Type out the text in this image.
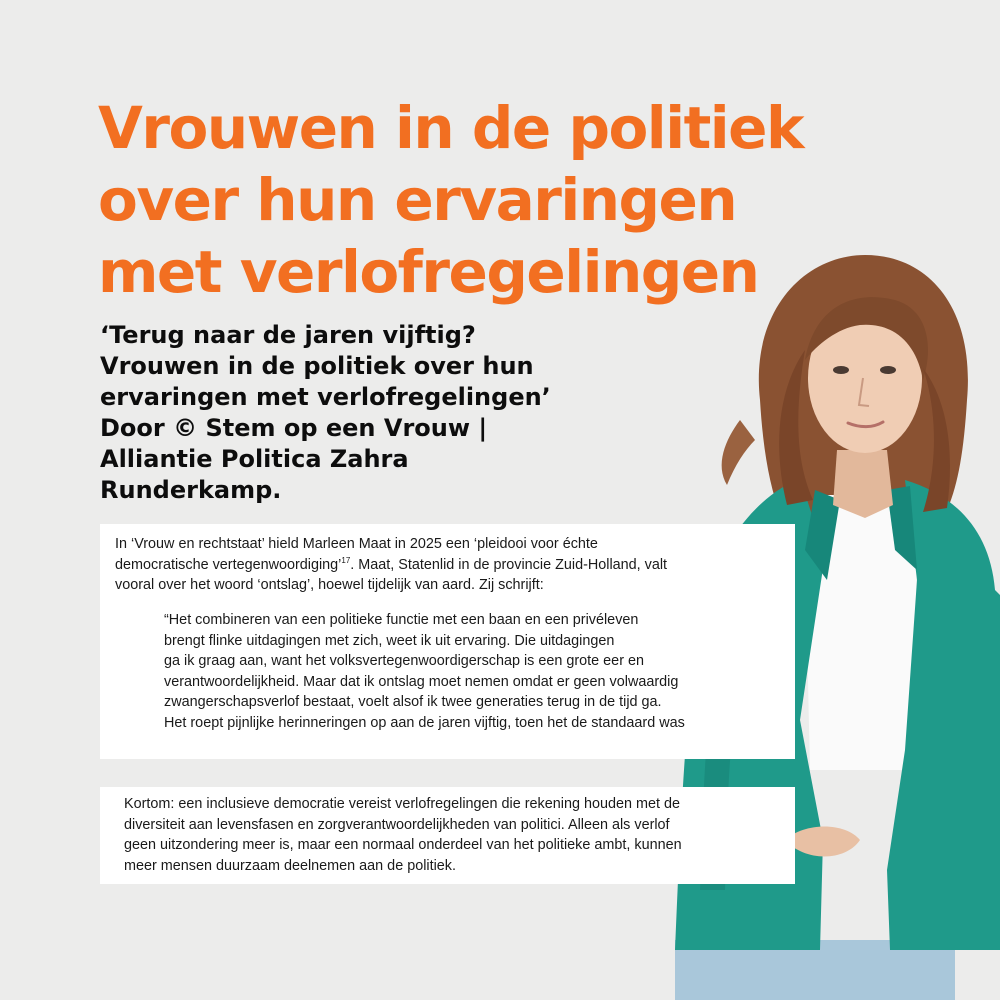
Vrouwen in de politiek
over hun ervaringen
met verlofregelingen
‘Terug naar de jaren vijftig?
Vrouwen in de politiek over hun
ervaringen met verlofregelingen’
Door © Stem op een Vrouw |
Alliantie Politica Zahra
Runderkamp.
In ‘Vrouw en rechtstaat’ hield Marleen Maat in 2025 een ‘pleidooi voor échte
democratische vertegenwoordiging’$^{17}$. Maat, Statenlid in de provincie Zuid-Holland, valt
vooral over het woord ‘ontslag’, hoewel tijdelijk van aard. Zij schrijft:
“Het combineren van een politieke functie met een baan en een privéleven
brengt flinke uitdagingen met zich, weet ik uit ervaring. Die uitdagingen
ga ik graag aan, want het volksvertegenwoordigerschap is een grote eer en
verantwoordelijkheid. Maar dat ik ontslag moet nemen omdat er geen volwaardig
zwangerschapsverlof bestaat, voelt alsof ik twee generaties terug in de tijd ga.
Het roept pijnlijke herinneringen op aan de jaren vijftig, toen het de standaard was
Kortom: een inclusieve democratie vereist verlofregelingen die rekening houden met de
diversiteit aan levensfasen en zorgverantwoordelijkheden van politici. Alleen als verlof
geen uitzondering meer is, maar een normaal onderdeel van het politieke ambt, kunnen
meer mensen duurzaam deelnemen aan de politiek.
